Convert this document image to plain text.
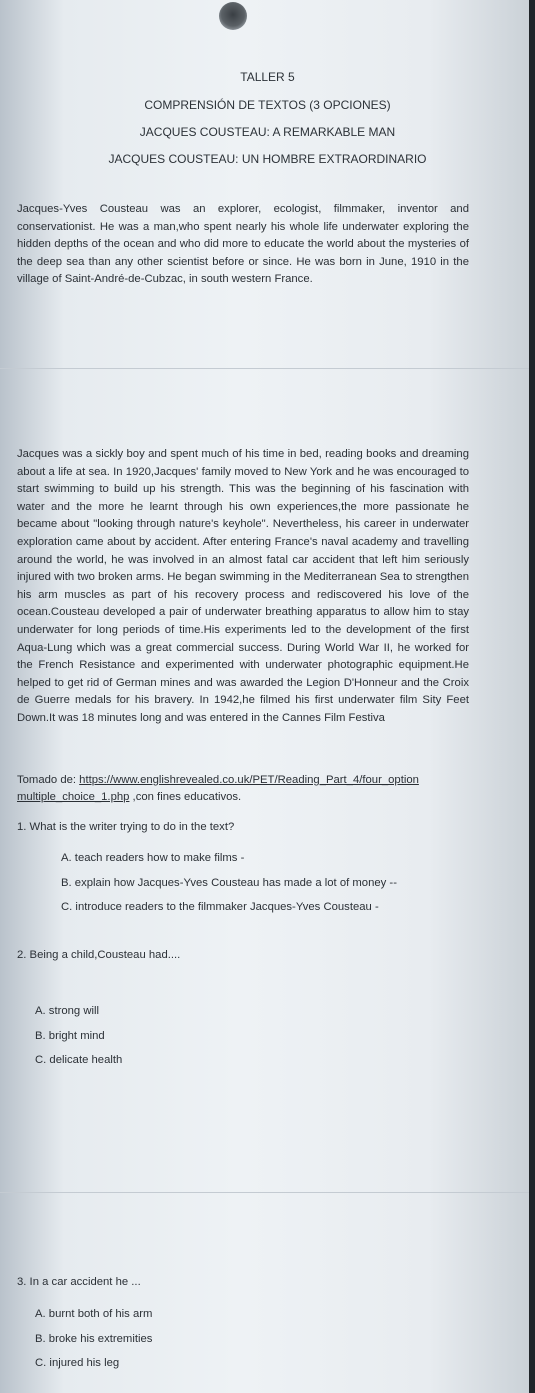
TALLER 5
COMPRENSIÓN DE TEXTOS (3 OPCIONES)
JACQUES COUSTEAU: A REMARKABLE MAN
JACQUES COUSTEAU: UN HOMBRE EXTRAORDINARIO
Jacques-Yves Cousteau was an explorer, ecologist, filmmaker, inventor and conservationist. He was a man,who spent nearly his whole life underwater exploring the hidden depths of the ocean and who did more to educate the world about the mysteries of the deep sea than any other scientist before or since. He was born in June, 1910 in the village of Saint-André-de-Cubzac, in south western France.
Jacques was a sickly boy and spent much of his time in bed, reading books and dreaming about a life at sea. In 1920,Jacques' family moved to New York and he was encouraged to start swimming to build up his strength. This was the beginning of his fascination with water and the more he learnt through his own experiences,the more passionate he became about "looking through nature's keyhole". Nevertheless, his career in underwater exploration came about by accident. After entering France's naval academy and travelling around the world, he was involved in an almost fatal car accident that left him seriously injured with two broken arms. He began swimming in the Mediterranean Sea to strengthen his arm muscles as part of his recovery process and rediscovered his love of the ocean.Cousteau developed a pair of underwater breathing apparatus to allow him to stay underwater for long periods of time.His experiments led to the development of the first Aqua-Lung which was a great commercial success. During World War II, he worked for the French Resistance and experimented with underwater photographic equipment.He helped to get rid of German mines and was awarded the Legion D'Honneur and the Croix de Guerre medals for his bravery. In 1942,he filmed his first underwater film Sity Feet Down.It was 18 minutes long and was entered in the Cannes Film Festiva
Tomado de: https://www.englishrevealed.co.uk/PET/Reading_Part_4/four_option
multiple_choice_1.php ,con fines educativos.
1. What is the writer trying to do in the text?
A. teach readers how to make films -
B. explain how Jacques-Yves Cousteau has made a lot of money --
C. introduce readers to the filmmaker Jacques-Yves Cousteau -
2. Being a child,Cousteau had....
A. strong will
B. bright mind
C. delicate health
3. In a car accident he ...
A. burnt both of his arm
B. broke his extremities
C. injured his leg
